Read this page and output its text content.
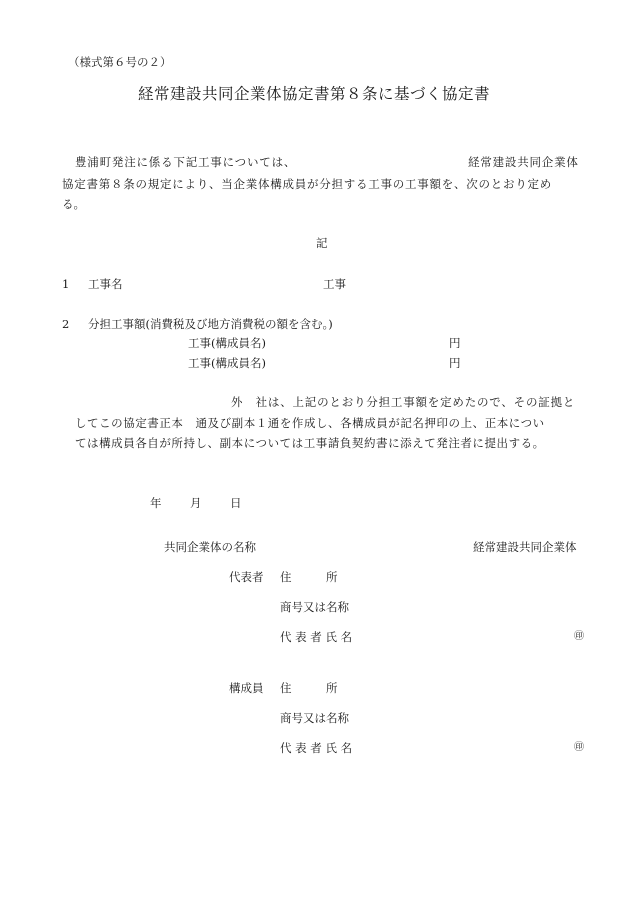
（様式第６号の２）
経常建設共同企業体協定書第８条に基づく協定書
豊浦町発注に係る下記工事については、	経常建設共同企業体
協定書第８条の規定により、当企業体構成員が分担する工事の工事額を、次のとおり定め
る。
記
1 工事名	工事
2 分担工事額(消費税及び地方消費税の額を含む。)
工事(構成員名)	円
工事(構成員名)	円
外　社は、上記のとおり分担工事額を定めたので、その証拠と
してこの協定書正本　通及び副本１通を作成し、各構成員が記名押印の上、正本につい
ては構成員各自が所持し、副本については工事請負契約書に添えて発注者に提出する。
年 月 日
共同企業体の名称	経常建設共同企業体
代表者 住　　　所
商号又は名称
代 表 者 氏 名	㊞
構成員 住　　　所
商号又は名称
代 表 者 氏 名	㊞
